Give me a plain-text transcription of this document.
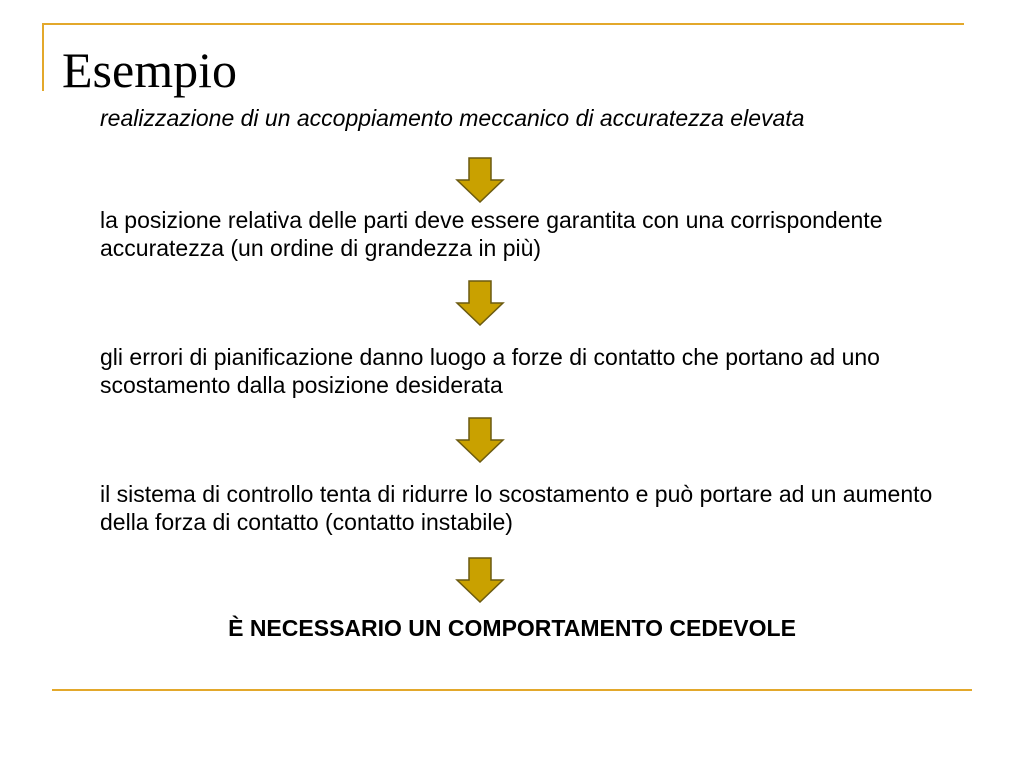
Esempio
realizzazione di un accoppiamento meccanico di accuratezza elevata
la posizione relativa delle parti deve essere garantita con una corrispondente accuratezza (un ordine di grandezza in più)
gli errori di pianificazione danno luogo a forze di contatto che portano ad uno scostamento dalla posizione desiderata
il sistema di controllo tenta di ridurre lo scostamento e può portare ad un aumento della forza di contatto (contatto instabile)
È NECESSARIO UN COMPORTAMENTO CEDEVOLE
